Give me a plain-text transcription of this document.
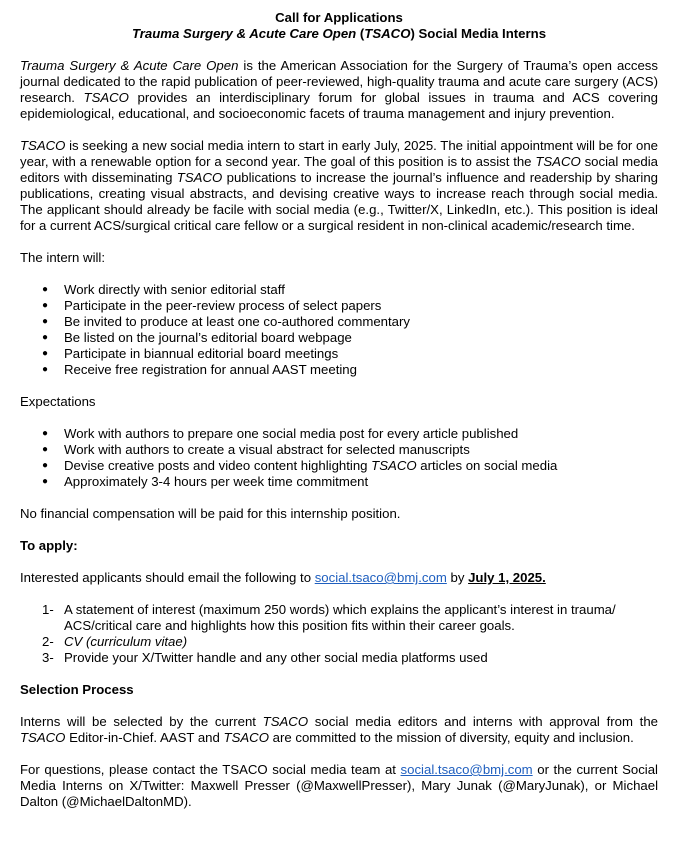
Call for Applications

Trauma Surgery & Acute Care Open (TSACO) Social Media Interns

Trauma Surgery & Acute Care Open is the American Association for the Surgery of Trauma’s open access journal dedicated to the rapid publication of peer-reviewed, high-quality trauma and acute care surgery (ACS) research. TSACO provides an interdisciplinary forum for global issues in trauma and ACS covering epidemiological, educational, and socioeconomic facets of trauma management and injury prevention.

TSACO is seeking a new social media intern to start in early July, 2025. The initial appointment will be for one year, with a renewable option for a second year. The goal of this position is to assist the TSACO social media editors with disseminating TSACO publications to increase the journal’s influence and readership by sharing publications, creating visual abstracts, and devising creative ways to increase reach through social media. The applicant should already be facile with social media (e.g., Twitter/X, LinkedIn, etc.). This position is ideal for a current ACS/surgical critical care fellow or a surgical resident in non-clinical academic/research time.

The intern will:

● Work directly with senior editorial staff
● Participate in the peer-review process of select papers
● Be invited to produce at least one co-authored commentary
● Be listed on the journal’s editorial board webpage
● Participate in biannual editorial board meetings
● Receive free registration for annual AAST meeting

Expectations

● Work with authors to prepare one social media post for every article published
● Work with authors to create a visual abstract for selected manuscripts
● Devise creative posts and video content highlighting TSACO articles on social media
● Approximately 3-4 hours per week time commitment

No financial compensation will be paid for this internship position.

To apply:

Interested applicants should email the following to social.tsaco@bmj.com by July 1, 2025.

1- A statement of interest (maximum 250 words) which explains the applicant’s interest in trauma/ ACS/critical care and highlights how this position fits within their career goals.
2- CV (curriculum vitae)
3- Provide your X/Twitter handle and any other social media platforms used

Selection Process

Interns will be selected by the current TSACO social media editors and interns with approval from the TSACO Editor-in-Chief. AAST and TSACO are committed to the mission of diversity, equity and inclusion.

For questions, please contact the TSACO social media team at social.tsaco@bmj.com or the current Social Media Interns on X/Twitter: Maxwell Presser (@MaxwellPresser), Mary Junak (@MaryJunak), or Michael Dalton (@MichaelDaltonMD).
